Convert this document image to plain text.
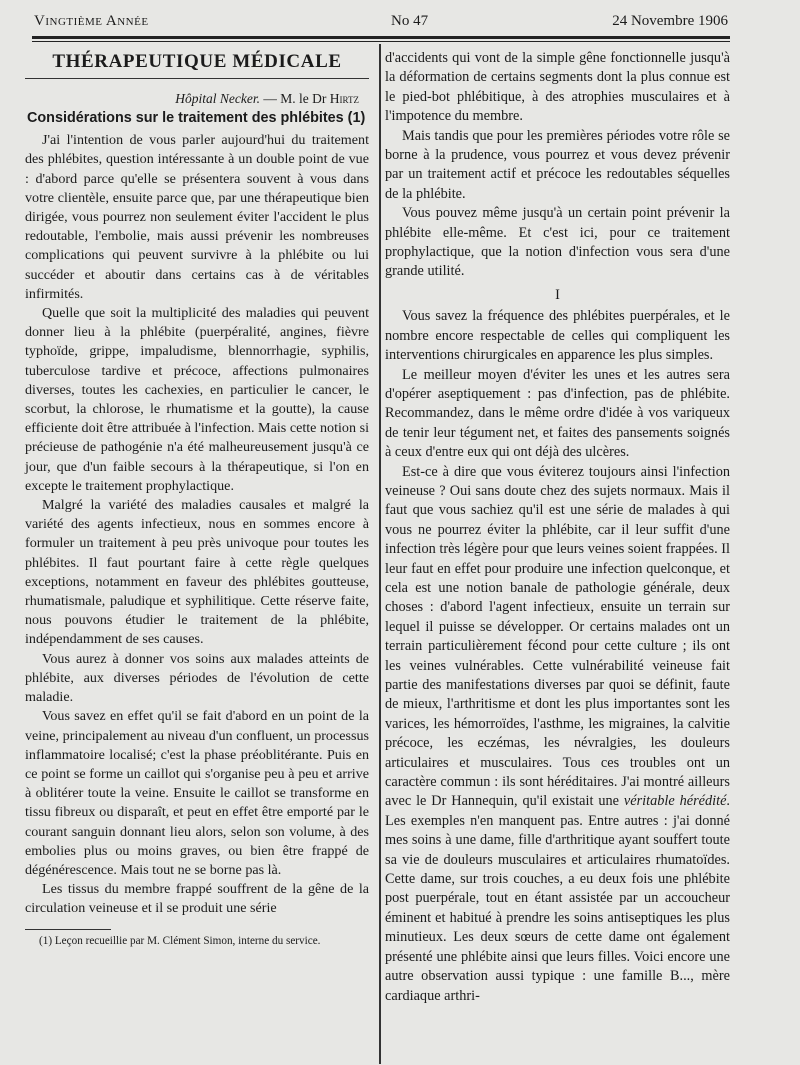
Vingtième Année	No 47	24 Novembre 1906
THÉRAPEUTIQUE MÉDICALE
Hôpital Necker. — M. le Dr Hirtz
Considérations sur le traitement des phlébites (1)

J'ai l'intention de vous parler aujourd'hui du traitement des phlébites, question intéressante à un double point de vue : d'abord parce qu'elle se présentera souvent à vous dans votre clientèle, ensuite parce que, par une thérapeutique bien dirigée, vous pourrez non seulement éviter l'accident le plus redoutable, l'embolie, mais aussi prévenir les nombreuses complications qui peuvent survivre à la phlébite ou lui succéder et aboutir dans certains cas à de véritables infirmités.

Quelle que soit la multiplicité des maladies qui peuvent donner lieu à la phlébite (puerpéralité, angines, fièvre typhoïde, grippe, impaludisme, blennorrhagie, syphilis, tuberculose tardive et précoce, affections pulmonaires diverses, toutes les cachexies, en particulier le cancer, le scorbut, la chlorose, le rhumatisme et la goutte), la cause efficiente doit être attribuée à l'infection. Mais cette notion si précieuse de pathogénie n'a été malheureusement jusqu'à ce jour, que d'un faible secours à la thérapeutique, si l'on en excepte le traitement prophylactique.

Malgré la variété des maladies causales et malgré la variété des agents infectieux, nous en sommes encore à formuler un traitement à peu près univoque pour toutes les phlébites. Il faut pourtant faire à cette règle quelques exceptions, notamment en faveur des phlébites goutteuse, rhumatismale, paludique et syphilitique. Cette réserve faite, nous pouvons étudier le traitement de la phlébite, indépendamment de ses causes.

Vous aurez à donner vos soins aux malades atteints de phlébite, aux diverses périodes de l'évolution de cette maladie.

Vous savez en effet qu'il se fait d'abord en un point de la veine, principalement au niveau d'un confluent, un processus inflammatoire localisé; c'est la phase préoblitérante. Puis en ce point se forme un caillot qui s'organise peu à peu et arrive à oblitérer toute la veine. Ensuite le caillot se transforme en tissu fibreux ou disparaît, et peut en effet être emporté par le courant sanguin donnant lieu alors, selon son volume, à des embolies plus ou moins graves, ou bien être frappé de dégénérescence. Mais tout ne se borne pas là.

Les tissus du membre frappé souffrent de la gêne de la circulation veineuse et il se produit une série

(1) Leçon recueillie par M. Clément Simon, interne du service.

d'accidents qui vont de la simple gêne fonctionnelle jusqu'à la déformation de certains segments dont la plus connue est le pied-bot phlébitique, à des atrophies musculaires et à l'impotence du membre.

Mais tandis que pour les premières périodes votre rôle se borne à la prudence, vous pourrez et vous devez prévenir par un traitement actif et précoce les redoutables séquelles de la phlébite.

Vous pouvez même jusqu'à un certain point prévenir la phlébite elle-même. Et c'est ici, pour ce traitement prophylactique, que la notion d'infection vous sera d'une grande utilité.

I

Vous savez la fréquence des phlébites puerpérales, et le nombre encore respectable de celles qui compliquent les interventions chirurgicales en apparence les plus simples.

Le meilleur moyen d'éviter les unes et les autres sera d'opérer aseptiquement : pas d'infection, pas de phlébite. Recommandez, dans le même ordre d'idée à vos variqueux de tenir leur tégument net, et faites des pansements soignés à ceux d'entre eux qui ont déjà des ulcères.

Est-ce à dire que vous éviterez toujours ainsi l'infection veineuse ? Oui sans doute chez des sujets normaux. Mais il faut que vous sachiez qu'il est une série de malades à qui vous ne pourrez éviter la phlébite, car il leur suffit d'une infection très légère pour que leurs veines soient frappées. Il leur faut en effet pour produire une infection quelconque, et cela est une notion banale de pathologie générale, deux choses : d'abord l'agent infectieux, ensuite un terrain sur lequel il puisse se développer. Or certains malades ont un terrain particulièrement fécond pour cette culture ; ils ont les veines vulnérables. Cette vulnérabilité veineuse fait partie des manifestations diverses par quoi se définit, faute de mieux, l'arthritisme et dont les plus importantes sont les varices, les hémorroïdes, l'asthme, les migraines, la calvitie précoce, les eczémas, les névralgies, les douleurs articulaires et musculaires. Tous ces troubles ont un caractère commun : ils sont héréditaires. J'ai montré ailleurs avec le Dr Hannequin, qu'il existait une véritable hérédité. Les exemples n'en manquent pas. Entre autres : j'ai donné mes soins à une dame, fille d'arthritique ayant souffert toute sa vie de douleurs musculaires et articulaires rhumatoïdes. Cette dame, sur trois couches, a eu deux fois une phlébite post puerpérale, tout en étant assistée par un accoucheur éminent et habitué à prendre les soins antiseptiques les plus minutieux. Les deux sœurs de cette dame ont également présenté une phlébite ainsi que leurs filles. Voici encore une autre observation aussi typique : une famille B..., mère cardiaque arthri-
